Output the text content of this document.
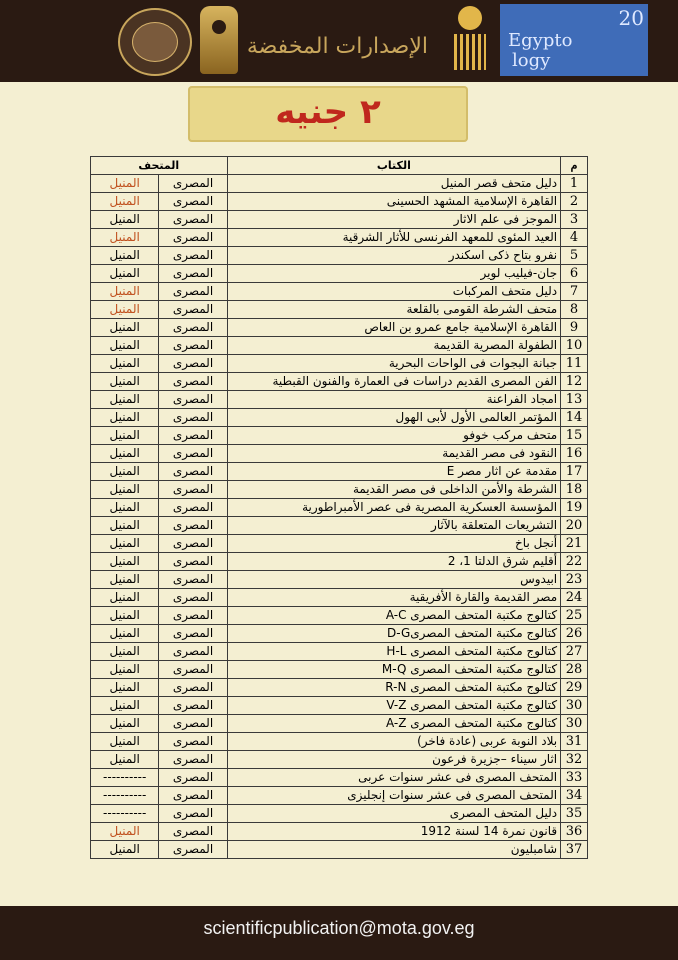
الإصدارات المخفضة
20
Egypto
logy
٢ جنيه
م	الكتاب	المتحف	
1	دليل متحف قصر المنيل	المصرى	المنيل
2	القاهرة الإسلامية المشهد الحسينى	المصرى	المنيل
3	الموجز فى علم الاثار	المصرى	المنيل
4	العيد المئوى للمعهد الفرنسى للأثار الشرقية	المصرى	المنيل
5	نفرو بتاح ذكى اسكندر	المصرى	المنيل
6	جان-فيليب لوير	المصرى	المنيل
7	دليل متحف المركبات	المصرى	المنيل
8	متحف الشرطة القومى بالقلعة	المصرى	المنيل
9	القاهرة الإسلامية جامع عمرو بن العاص	المصرى	المنيل
10	الطفولة المصرية القديمة	المصرى	المنيل
11	جبانة البجوات فى الواحات البحرية	المصرى	المنيل
12	الفن المصرى القديم دراسات فى العمارة والفنون القبطية	المصرى	المنيل
13	امجاد الفراعنة	المصرى	المنيل
14	المؤتمر العالمى الأول لأبى الهول	المصرى	المنيل
15	متحف مركب خوفو	المصرى	المنيل
16	النقود فى مصر القديمة	المصرى	المنيل
17	مقدمة عن اثار مصر E	المصرى	المنيل
18	الشرطة والأمن الداخلى فى مصر القديمة	المصرى	المنيل
19	المؤسسة العسكرية المصرية فى عصر الأمبراطورية	المصرى	المنيل
20	التشريعات المتعلقة بالآثار	المصرى	المنيل
21	أنجل باخ	المصرى	المنيل
22	أقليم شرق الدلتا 1، 2	المصرى	المنيل
23	ابيدوس	المصرى	المنيل
24	مصر القديمة والقارة الأفريقية	المصرى	المنيل
25	كتالوج مكتبة المتحف المصرى A-C	المصرى	المنيل
26	كتالوج مكتبة المتحف المصرىD-G	المصرى	المنيل
27	كتالوج مكتبة المتحف المصرى H-L	المصرى	المنيل
28	كتالوج مكتبة المتحف المصرى M-Q	المصرى	المنيل
29	كتالوج مكتبة المتحف المصرى R-N	المصرى	المنيل
30	كتالوج مكتبة المتحف المصرى V-Z	المصرى	المنيل
30	كتالوج مكتبة المتحف المصرى A-Z	المصرى	المنيل
31	بلاد النوبة عربى (عادة فاخر)	المصرى	المنيل
32	اثار سيناء –جزيرة فرعون	المصرى	المنيل
33	المتحف المصرى فى عشر سنوات عربى	المصرى	----------
34	المتحف المصرى فى عشر سنوات إنجليزى	المصرى	----------
35	دليل المتحف المصرى	المصرى	----------
36	قانون نمرة 14 لسنة 1912	المصرى	المنيل
37	شامبليون	المصرى	المنيل
scientificpublication@mota.gov.eg
